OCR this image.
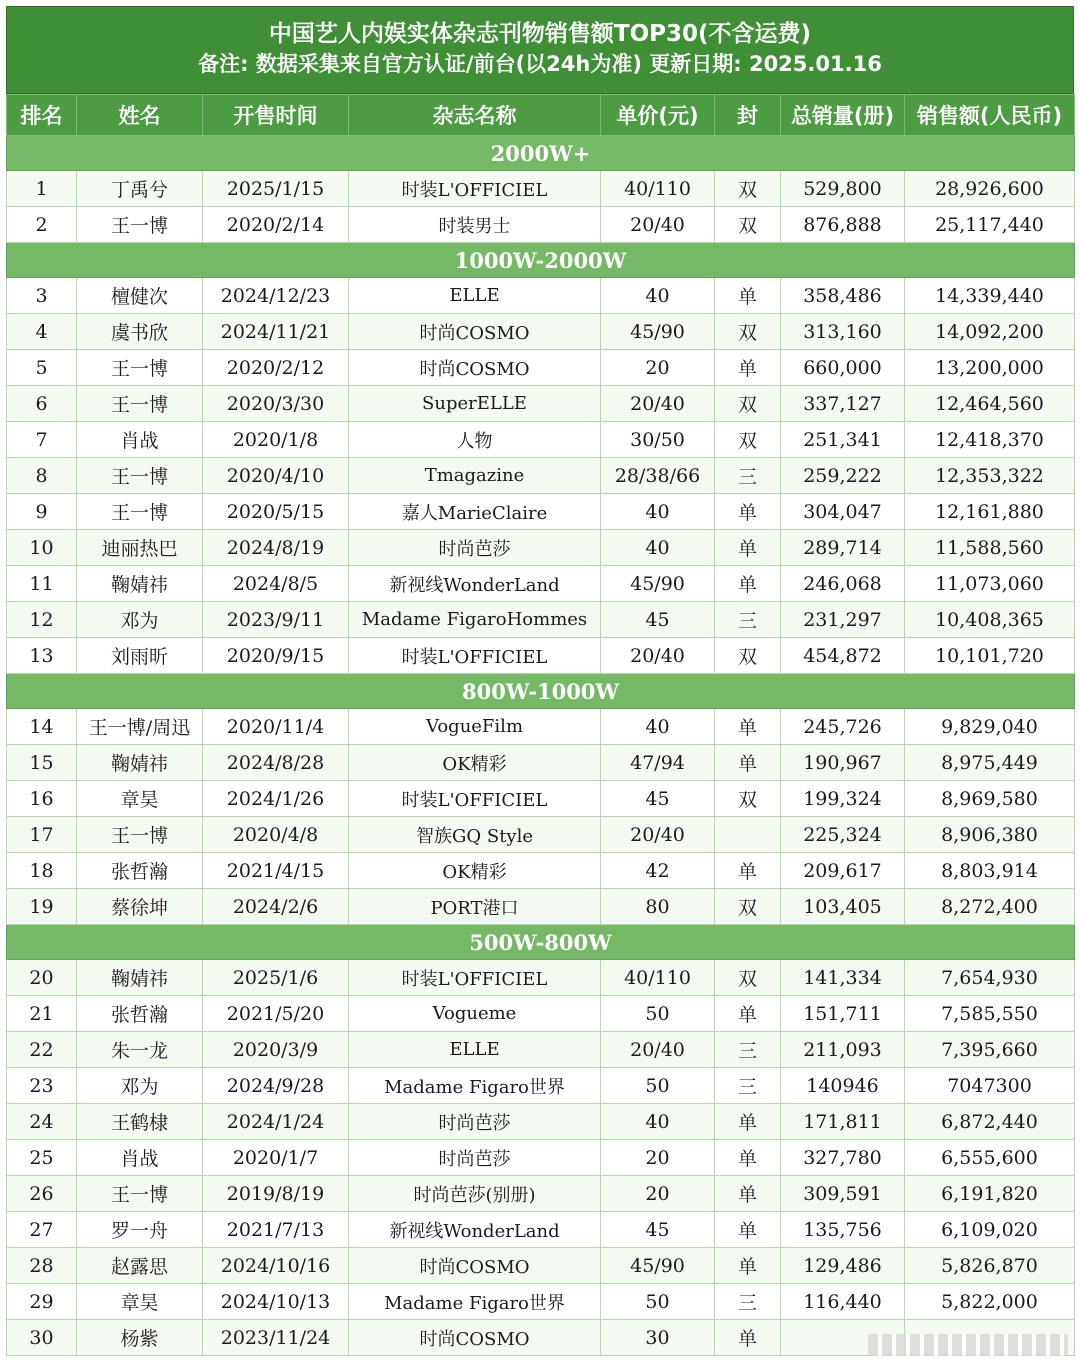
中国艺人内娱实体杂志刊物销售额TOP30(不含运费)
备注: 数据采集来自官方认证/前台(以24h为准) 更新日期: 2025.01.16
排名	姓名	开售时间	杂志名称	单价(元)	封	总销量(册)	销售额(人民币)
2000W+							
1	丁禹兮	2025/1/15	时装L'OFFICIEL	40/110	双	529,800	28,926,600
2	王一博	2020/2/14	时装男士	20/40	双	876,888	25,117,440
1000W-2000W							
3	檀健次	2024/12/23	ELLE	40	单	358,486	14,339,440
4	虞书欣	2024/11/21	时尚COSMO	45/90	双	313,160	14,092,200
5	王一博	2020/2/12	时尚COSMO	20	单	660,000	13,200,000
6	王一博	2020/3/30	SuperELLE	20/40	双	337,127	12,464,560
7	肖战	2020/1/8	人物	30/50	双	251,341	12,418,370
8	王一博	2020/4/10	Tmagazine	28/38/66	三	259,222	12,353,322
9	王一博	2020/5/15	嘉人MarieClaire	40	单	304,047	12,161,880
10	迪丽热巴	2024/8/19	时尚芭莎	40	单	289,714	11,588,560
11	鞠婧祎	2024/8/5	新视线WonderLand	45/90	单	246,068	11,073,060
12	邓为	2023/9/11	Madame FigaroHommes	45	三	231,297	10,408,365
13	刘雨昕	2020/9/15	时装L'OFFICIEL	20/40	双	454,872	10,101,720
800W-1000W							
14	王一博/周迅	2020/11/4	VogueFilm	40	单	245,726	9,829,040
15	鞠婧祎	2024/8/28	OK精彩	47/94	单	190,967	8,975,449
16	章昊	2024/1/26	时装L'OFFICIEL	45	双	199,324	8,969,580
17	王一博	2020/4/8	智族GQ Style	20/40		225,324	8,906,380
18	张哲瀚	2021/4/15	OK精彩	42	单	209,617	8,803,914
19	蔡徐坤	2024/2/6	PORT港口	80	双	103,405	8,272,400
500W-800W							
20	鞠婧祎	2025/1/6	时装L'OFFICIEL	40/110	双	141,334	7,654,930
21	张哲瀚	2021/5/20	Vogueme	50	单	151,711	7,585,550
22	朱一龙	2020/3/9	ELLE	20/40	三	211,093	7,395,660
23	邓为	2024/9/28	Madame Figaro世界	50	三	140946	7047300
24	王鹤棣	2024/1/24	时尚芭莎	40	单	171,811	6,872,440
25	肖战	2020/1/7	时尚芭莎	20	单	327,780	6,555,600
26	王一博	2019/8/19	时尚芭莎(别册)	20	单	309,591	6,191,820
27	罗一舟	2021/7/13	新视线WonderLand	45	单	135,756	6,109,020
28	赵露思	2024/10/16	时尚COSMO	45/90	单	129,486	5,826,870
29	章昊	2024/10/13	Madame Figaro世界	50	三	116,440	5,822,000
30	杨紫	2023/11/24	时尚COSMO	30	单		
